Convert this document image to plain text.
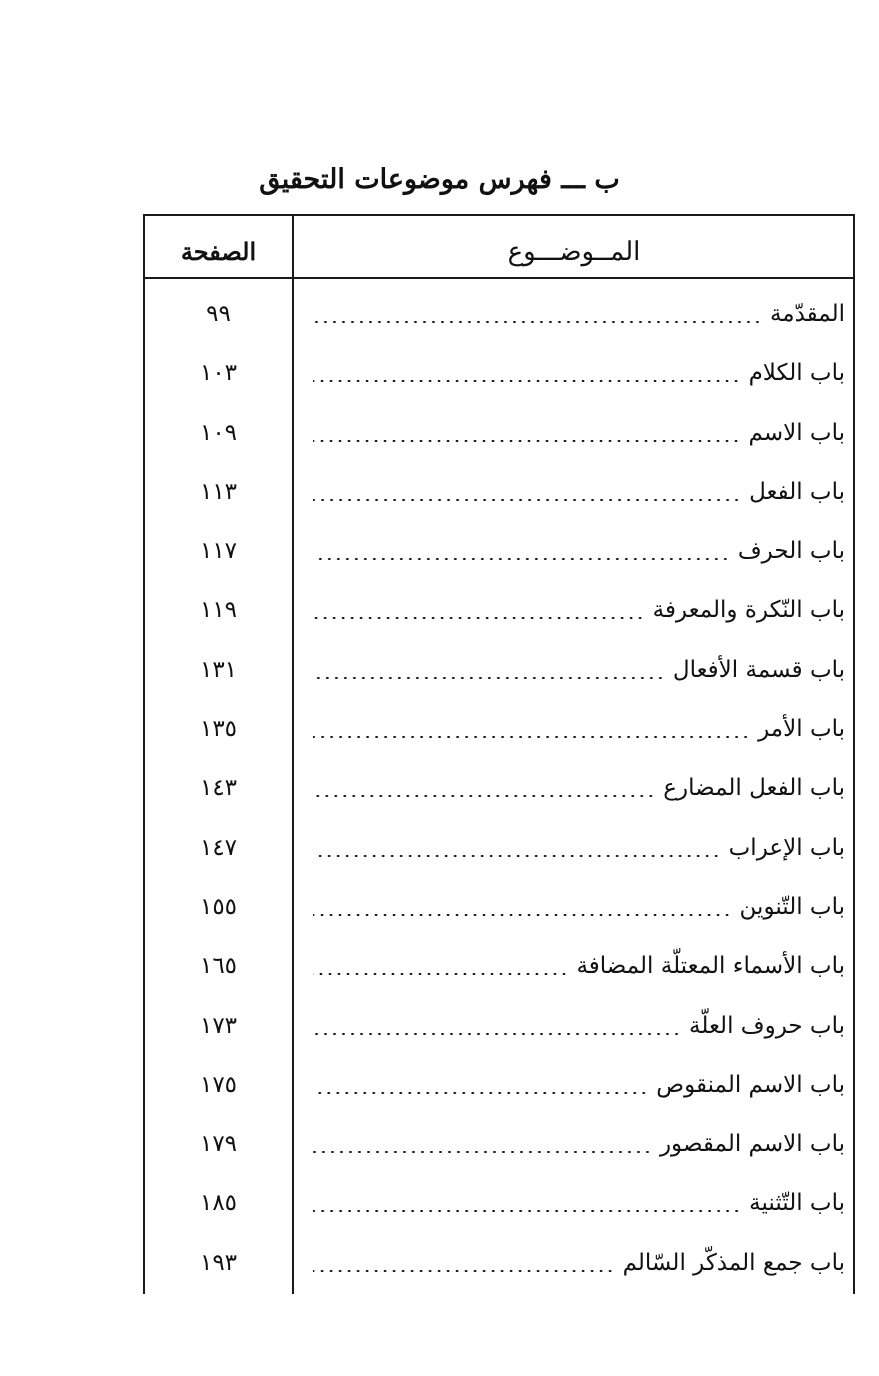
ب ـــ فهرس موضوعات التحقيق
المــوضـــوع
الصفحة
المقدّمة
٩٩
باب الكلام
١٠٣
باب الاسم
١٠٩
باب الفعل
١١٣
باب الحرف
١١٧
باب النّكرة والمعرفة
١١٩
باب قسمة الأفعال
١٣١
باب الأمر
١٣٥
باب الفعل المضارع
١٤٣
باب الإعراب
١٤٧
باب التّنوين
١٥٥
باب الأسماء المعتلّة المضافة
١٦٥
باب حروف العلّة
١٧٣
باب الاسم المنقوص
١٧٥
باب الاسم المقصور
١٧٩
باب التّثنية
١٨٥
باب جمع المذكّر السّالم
١٩٣
